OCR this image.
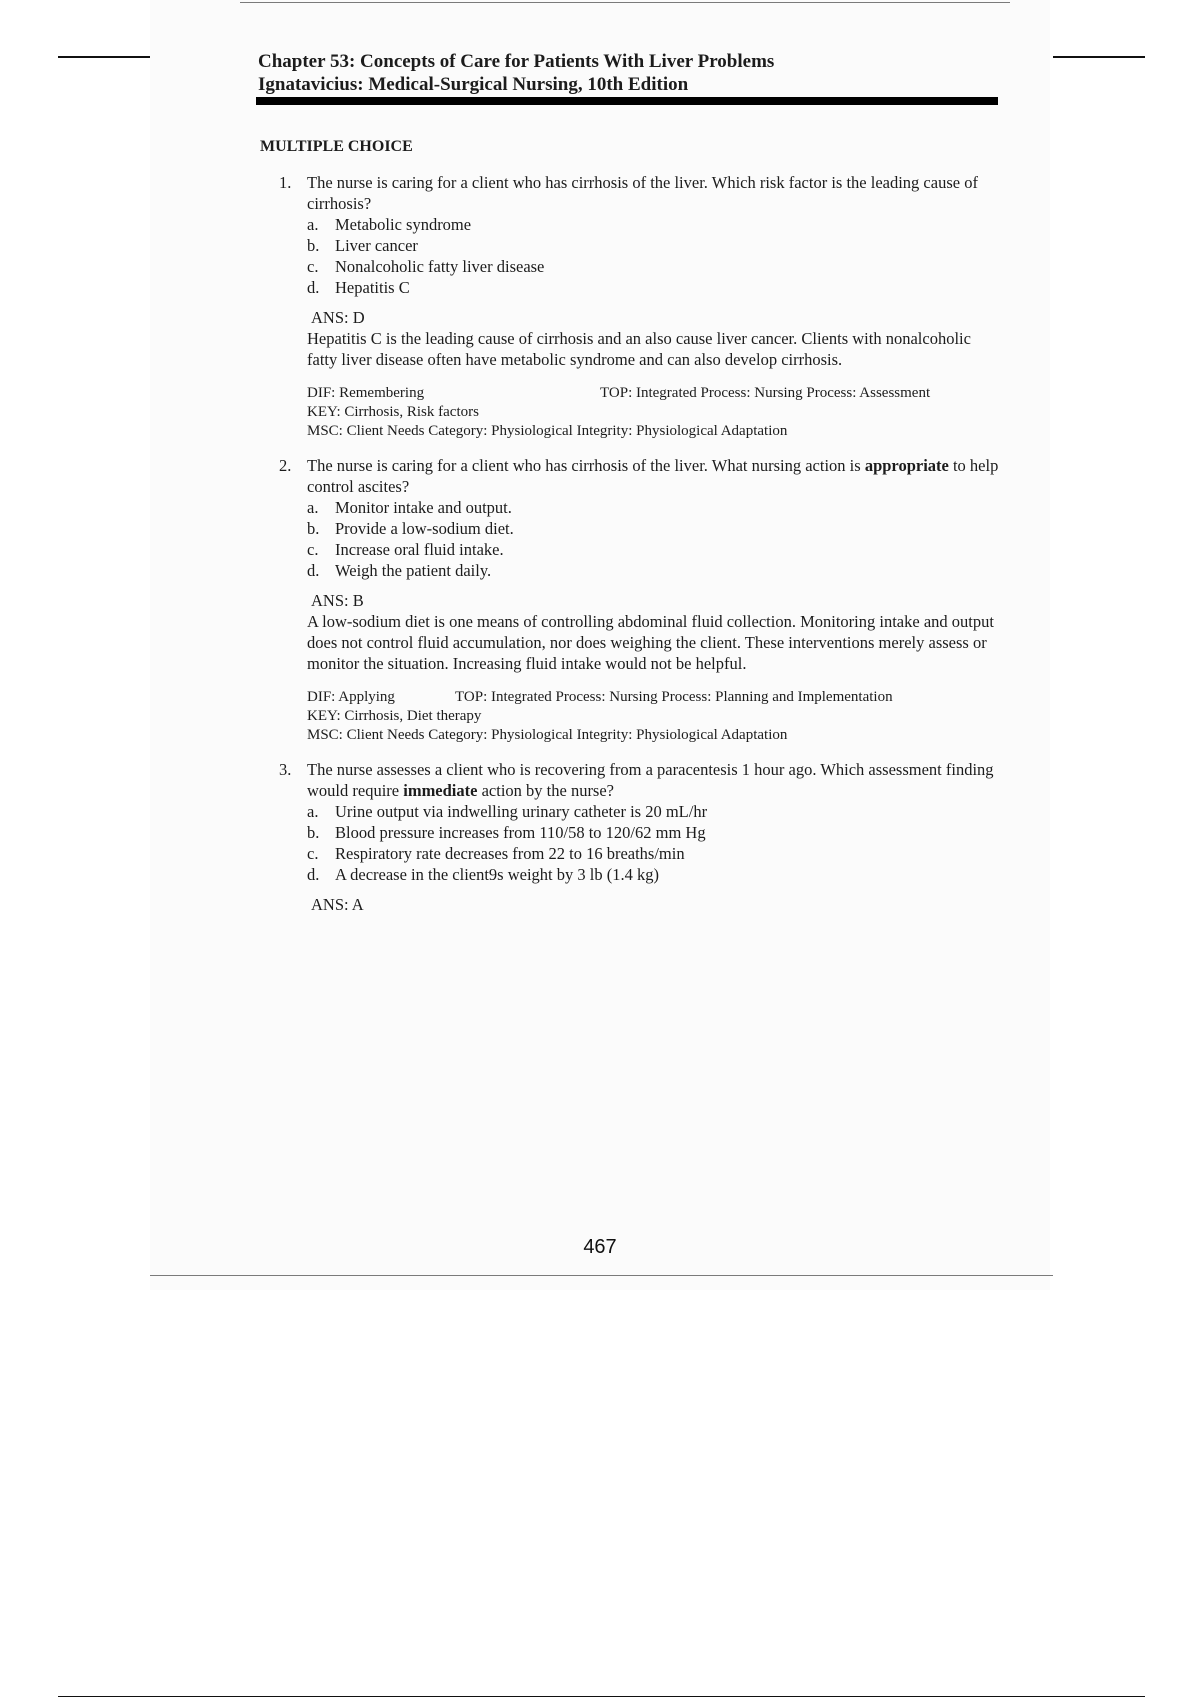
Chapter 53: Concepts of Care for Patients With Liver Problems
Ignatavicius: Medical-Surgical Nursing, 10th Edition
MULTIPLE CHOICE
1. The nurse is caring for a client who has cirrhosis of the liver. Which risk factor is the leading cause of cirrhosis?
a. Metabolic syndrome
b. Liver cancer
c. Nonalcoholic fatty liver disease
d. Hepatitis C
ANS: D
Hepatitis C is the leading cause of cirrhosis and an also cause liver cancer. Clients with nonalcoholic fatty liver disease often have metabolic syndrome and can also develop cirrhosis.
DIF: Remembering	TOP: Integrated Process: Nursing Process: Assessment
KEY: Cirrhosis, Risk factors
MSC: Client Needs Category: Physiological Integrity: Physiological Adaptation
2. The nurse is caring for a client who has cirrhosis of the liver. What nursing action is appropriate to help control ascites?
a. Monitor intake and output.
b. Provide a low-sodium diet.
c. Increase oral fluid intake.
d. Weigh the patient daily.
ANS: B
A low-sodium diet is one means of controlling abdominal fluid collection. Monitoring intake and output does not control fluid accumulation, nor does weighing the client. These interventions merely assess or monitor the situation. Increasing fluid intake would not be helpful.
DIF: Applying	TOP: Integrated Process: Nursing Process: Planning and Implementation
KEY: Cirrhosis, Diet therapy
MSC: Client Needs Category: Physiological Integrity: Physiological Adaptation
3. The nurse assesses a client who is recovering from a paracentesis 1 hour ago. Which assessment finding would require immediate action by the nurse?
a. Urine output via indwelling urinary catheter is 20 mL/hr
b. Blood pressure increases from 110/58 to 120/62 mm Hg
c. Respiratory rate decreases from 22 to 16 breaths/min
d. A decrease in the client9s weight by 3 lb (1.4 kg)
ANS: A
467
